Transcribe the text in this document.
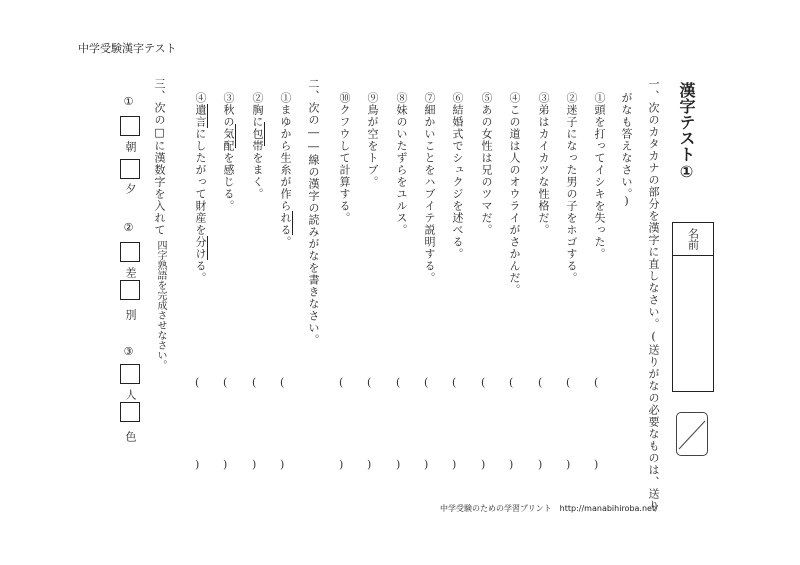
中学受験漢字テスト
漢字テスト①
名前
一、次のカタカナの部分を漢字に直しなさい。(送りがなの必要なものは、送り
がなも答えなさい。)
①頭を打ってイシキを失った。
②迷子になった男の子をホゴする。
③弟はカイカツな性格だ。
④この道は人のオウライがさかんだ。
⑤あの女性は兄のツマだ。
⑥結婚式でシュクジを述べる。
⑦細かいことをハブイテ説明する。
⑧妹のいたずらをユルス。
⑨鳥が空をトブ。
⑩クフウして計算する。
(
)
(
)
(
)
(
)
(
)
(
)
(
)
(
)
(
)
(
)
二、次の――線の漢字の読みがなを書きなさい。
①まゆから生糸が作られる。
②胸に包帯をまく。
③秋の気配を感じる。
④遺言にしたがって財産を分ける。
(
)
(
)
(
)
(
)
三、次の□に漢数字を入れて
四字熟語を完成させなさい。
①
朝
夕
②
差
別
③
人
色
中学受験のための学習プリント　http://manabihiroba.net/
